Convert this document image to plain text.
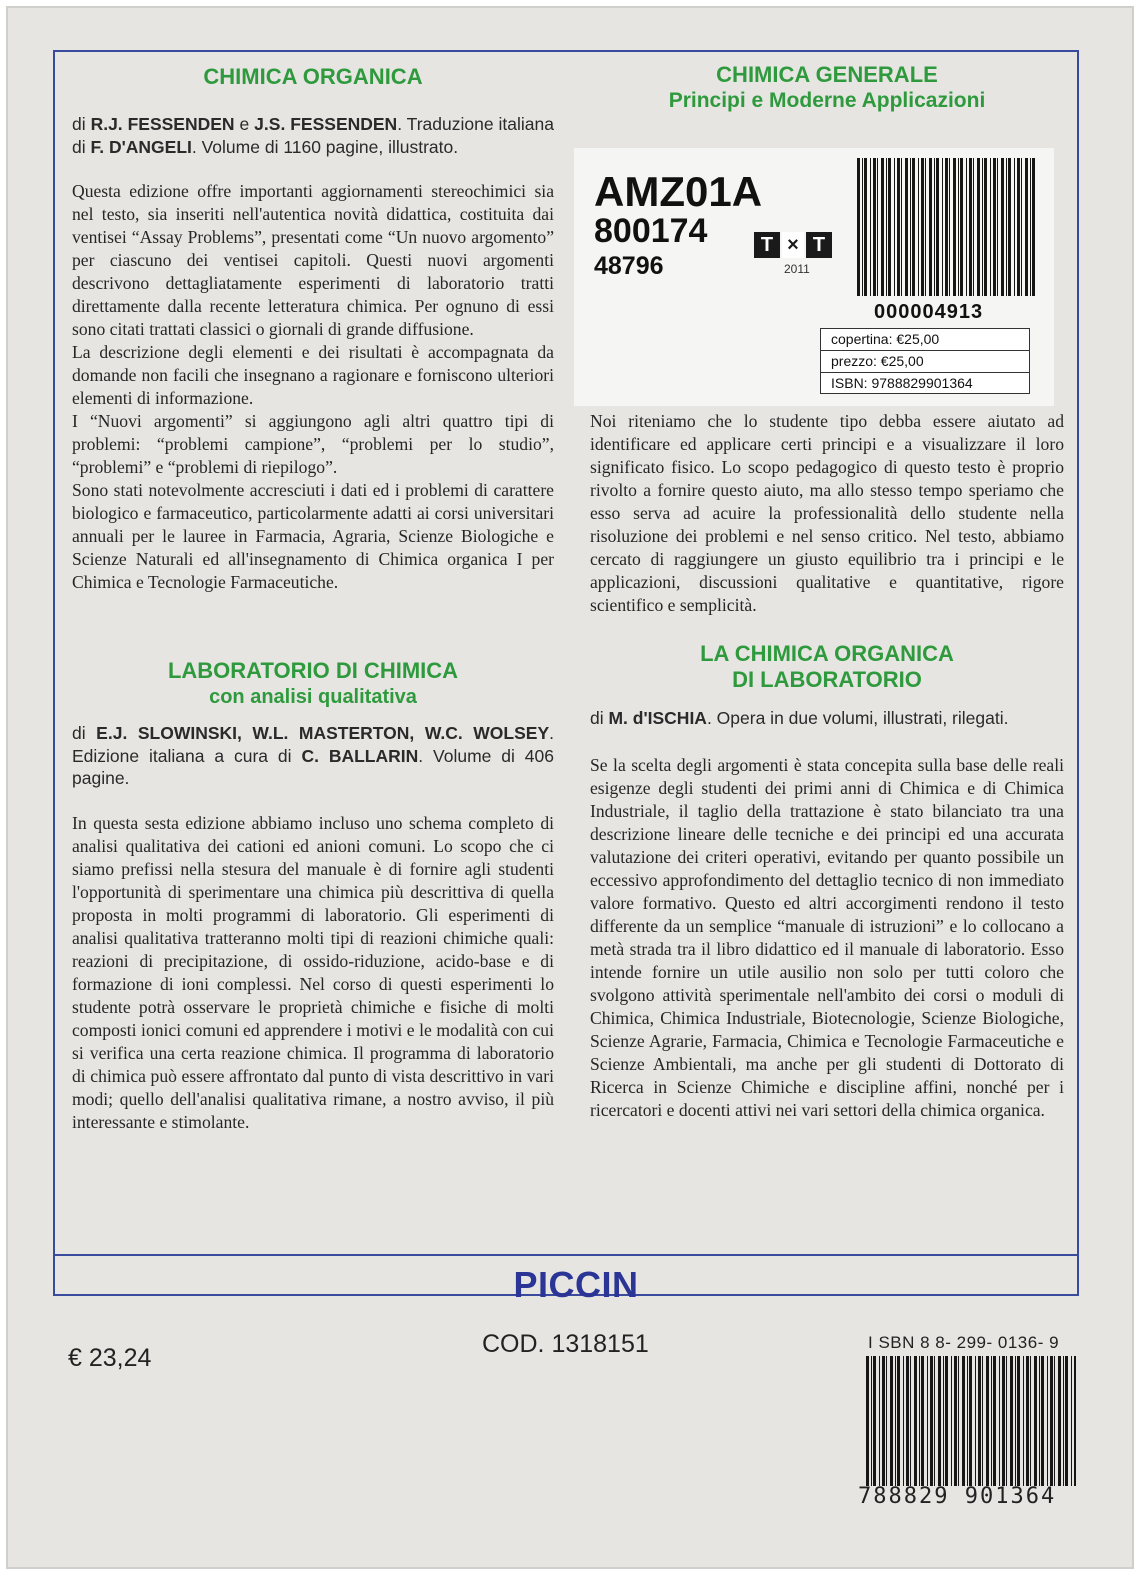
CHIMICA ORGANICA

di R.J. FESSENDEN e J.S. FESSENDEN. Traduzione italiana di F. D'ANGELI. Volume di 1160 pagine, illustrato.

Questa edizione offre importanti aggiornamenti stereochimici sia nel testo, sia inseriti nell'autentica novità didattica, costituita dai ventisei “Assay Problems”, presentati come “Un nuovo argomento” per ciascuno dei ventisei capitoli. Questi nuovi argomenti descrivono dettagliatamente esperimenti di laboratorio tratti direttamente dalla recente letteratura chimica. Per ognuno di essi sono citati trattati classici o giornali di grande diffusione.

La descrizione degli elementi e dei risultati è accompagnata da domande non facili che insegnano a ragionare e forniscono ulteriori elementi di informazione.

I “Nuovi argomenti” si aggiungono agli altri quattro tipi di problemi: “problemi campione”, “problemi per lo studio”, “problemi” e “problemi di riepilogo”.

Sono stati notevolmente accresciuti i dati ed i problemi di carattere biologico e farmaceutico, particolarmente adatti ai corsi universitari annuali per le lauree in Farmacia, Agraria, Scienze Biologiche e Scienze Naturali ed all'insegnamento di Chimica organica I per Chimica e Tecnologie Farmaceutiche.

LABORATORIO DI CHIMICA
con analisi qualitativa

di E.J. SLOWINSKI, W.L. MASTERTON, W.C. WOLSEY. Edizione italiana a cura di C. BALLARIN. Volume di 406 pagine.

In questa sesta edizione abbiamo incluso uno schema completo di analisi qualitativa dei cationi ed anioni comuni. Lo scopo che ci siamo prefissi nella stesura del manuale è di fornire agli studenti l'opportunità di sperimentare una chimica più descrittiva di quella proposta in molti programmi di laboratorio. Gli esperimenti di analisi qualitativa tratteranno molti tipi di reazioni chimiche quali: reazioni di precipitazione, di ossido-riduzione, acido-base e di formazione di ioni complessi. Nel corso di questi esperimenti lo studente potrà osservare le proprietà chimiche e fisiche di molti composti ionici comuni ed apprendere i motivi e le modalità con cui si verifica una certa reazione chimica. Il programma di laboratorio di chimica può essere affrontato dal punto di vista descrittivo in vari modi; quello dell'analisi qualitativa rimane, a nostro avviso, il più interessante e stimolante.

CHIMICA GENERALE
Principi e Moderne Applicazioni

Noi riteniamo che lo studente tipo debba essere aiutato ad identificare ed applicare certi principi e a visualizzare il loro significato fisico. Lo scopo pedagogico di questo testo è proprio rivolto a fornire questo aiuto, ma allo stesso tempo speriamo che esso serva ad acuire la professionalità dello studente nella risoluzione dei problemi e nel senso critico. Nel testo, abbiamo cercato di raggiungere un giusto equilibrio tra i principi e le applicazioni, discussioni qualitative e quantitative, rigore scientifico e semplicità.

LA CHIMICA ORGANICA
DI LABORATORIO

di M. d'ISCHIA. Opera in due volumi, illustrati, rilegati.

Se la scelta degli argomenti è stata concepita sulla base delle reali esigenze degli studenti dei primi anni di Chimica e di Chimica Industriale, il taglio della trattazione è stato bilanciato tra una descrizione lineare delle tecniche e dei principi ed una accurata valutazione dei criteri operativi, evitando per quanto possibile un eccessivo approfondimento del dettaglio tecnico di non immediato valore formativo. Questo ed altri accorgimenti rendono il testo differente da un semplice “manuale di istruzioni” e lo collocano a metà strada tra il libro didattico ed il manuale di laboratorio. Esso intende fornire un utile ausilio non solo per tutti coloro che svolgono attività sperimentale nell'ambito dei corsi o moduli di Chimica, Chimica Industriale, Biotecnologie, Scienze Biologiche, Scienze Agrarie, Farmacia, Chimica e Tecnologie Farmaceutiche e Scienze Ambientali, ma anche per gli studenti di Dottorato di Ricerca in Scienze Chimiche e discipline affini, nonché per i ricercatori e docenti attivi nei vari settori della chimica organica.

AMZ01A
800174
48796
T × T
2011
000004913
copertina: €25,00
prezzo: €25,00
ISBN: 9788829901364
PICCIN
€ 23,24	COD. 1318151	I SBN 8 8- 299- 0136- 9
788829 901364
